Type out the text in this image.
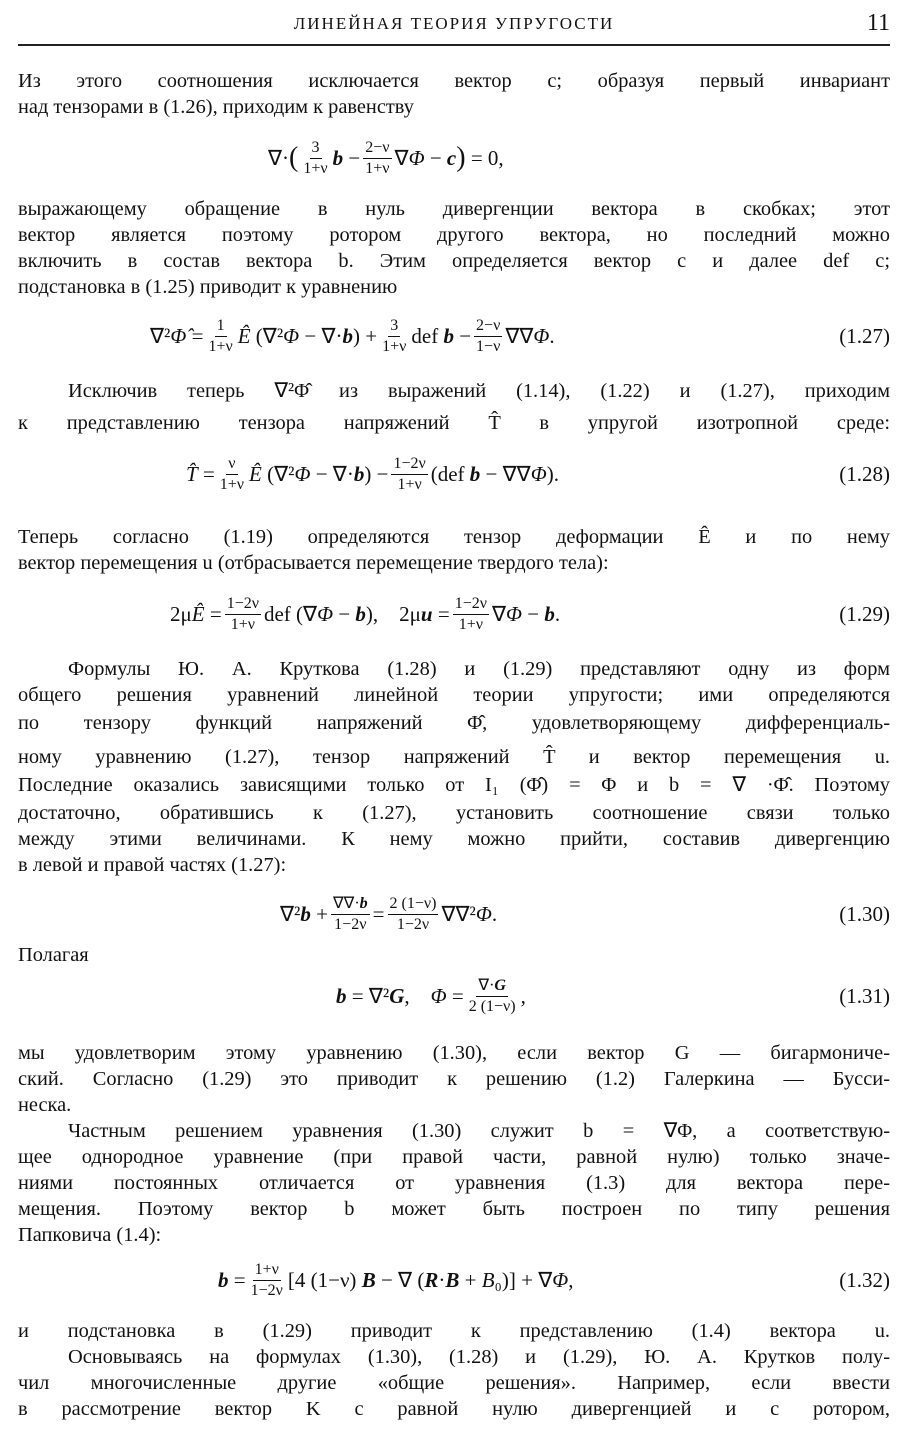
ЛИНЕЙНАЯ ТЕОРИЯ УПРУГОСТИ	11
Из этого соотношения исключается вектор c; образуя первый инвариант
над тензорами в (1.26), приходим к равенству
∇· ( $\frac{3}{1+\nu}$ $b - \frac{2-\nu}{1+\nu} \nabla\Phi - c$ ) = 0,
выражающему обращение в нуль дивергенции вектора в скобках; этот
вектор является поэтому ротором другого вектора, но последний можно
включить в состав вектора b. Этим определяется вектор c и далее def c;
подстановка в (1.25) приводит к уравнению
∇²Φ̂ = $\frac{1}{1+\nu}$ Ê $(\nabla^2\Phi - \nabla\cdot b) + \frac{3}{1+\nu}$ def $b - \frac{2-\nu}{1-\nu} \nabla\nabla\Phi$.	(1.27)
Исключив теперь ∇²Φ̂ из выражений (1.14), (1.22) и (1.27), приходим
к представлению тензора напряжений T̂ в упругой изотропной среде:
T̂ = $\frac{\nu}{1+\nu}$ Ê $(\nabla^2\Phi - \nabla\cdot b) - \frac{1-2\nu}{1+\nu} (def$ b − ∇∇Φ).	(1.28)
Теперь согласно (1.19) определяются тензор деформации Ê и по нему
вектор перемещения u (отбрасывается перемещение твердого тела):
2μÊ = $\frac{1-2\nu}{1+\nu}$ def (∇Φ − b),    $2\mu u = \frac{1-2\nu}{1+\nu} \nabla\Phi - b$.	(1.29)
Формулы Ю. А. Круткова (1.28) и (1.29) представляют одну из форм
общего решения уравнений линейной теории упругости; ими определяются
по тензору функций напряжений Φ̂, удовлетворяющему дифференциаль-
ному уравнению (1.27), тензор напряжений T̂ и вектор перемещения u.
Последние оказались зависящими только от I₁ (Φ̂) = Φ и b = ∇ ·Φ̂. Поэтому
достаточно, обратившись к (1.27), установить соотношение связи только
между этими величинами. К нему можно прийти, составив дивергенцию
в левой и правой частях (1.27):
$\nabla^2b + \frac{\nabla\nabla\cdot b}{1-2\nu} = \frac{2 (1-\nu)}{1-2\nu} \nabla\nabla^2\Phi$.	(1.30)
Полагая
b = ∇²G,    $\Phi = \frac{\nabla\cdot G}{2 (1-\nu)}$ ,	(1.31)
мы удовлетворим этому уравнению (1.30), если вектор G — бигармониче-
ский. Согласно (1.29) это приводит к решению (1.2) Галеркина — Бусси-
неска.
Частным решением уравнения (1.30) служит b = ∇Φ, а соответствую-
щее однородное уравнение (при правой части, равной нулю) только значе-
ниями постоянных отличается от уравнения (1.3) для вектора пере-
мещения. Поэтому вектор b может быть построен по типу решения
Папковича (1.4):
$b = \frac{1+\nu}{1-2\nu} [4$ (1−ν) B − ∇ (R·B + B₀)] + ∇Φ,	(1.32)
и подстановка в (1.29) приводит к представлению (1.4) вектора u.
Основываясь на формулах (1.30), (1.28) и (1.29), Ю. А. Крутков полу-
чил многочисленные другие «общие решения». Например, если ввести
в рассмотрение вектор K с равной нулю дивергенцией и с ротором,
